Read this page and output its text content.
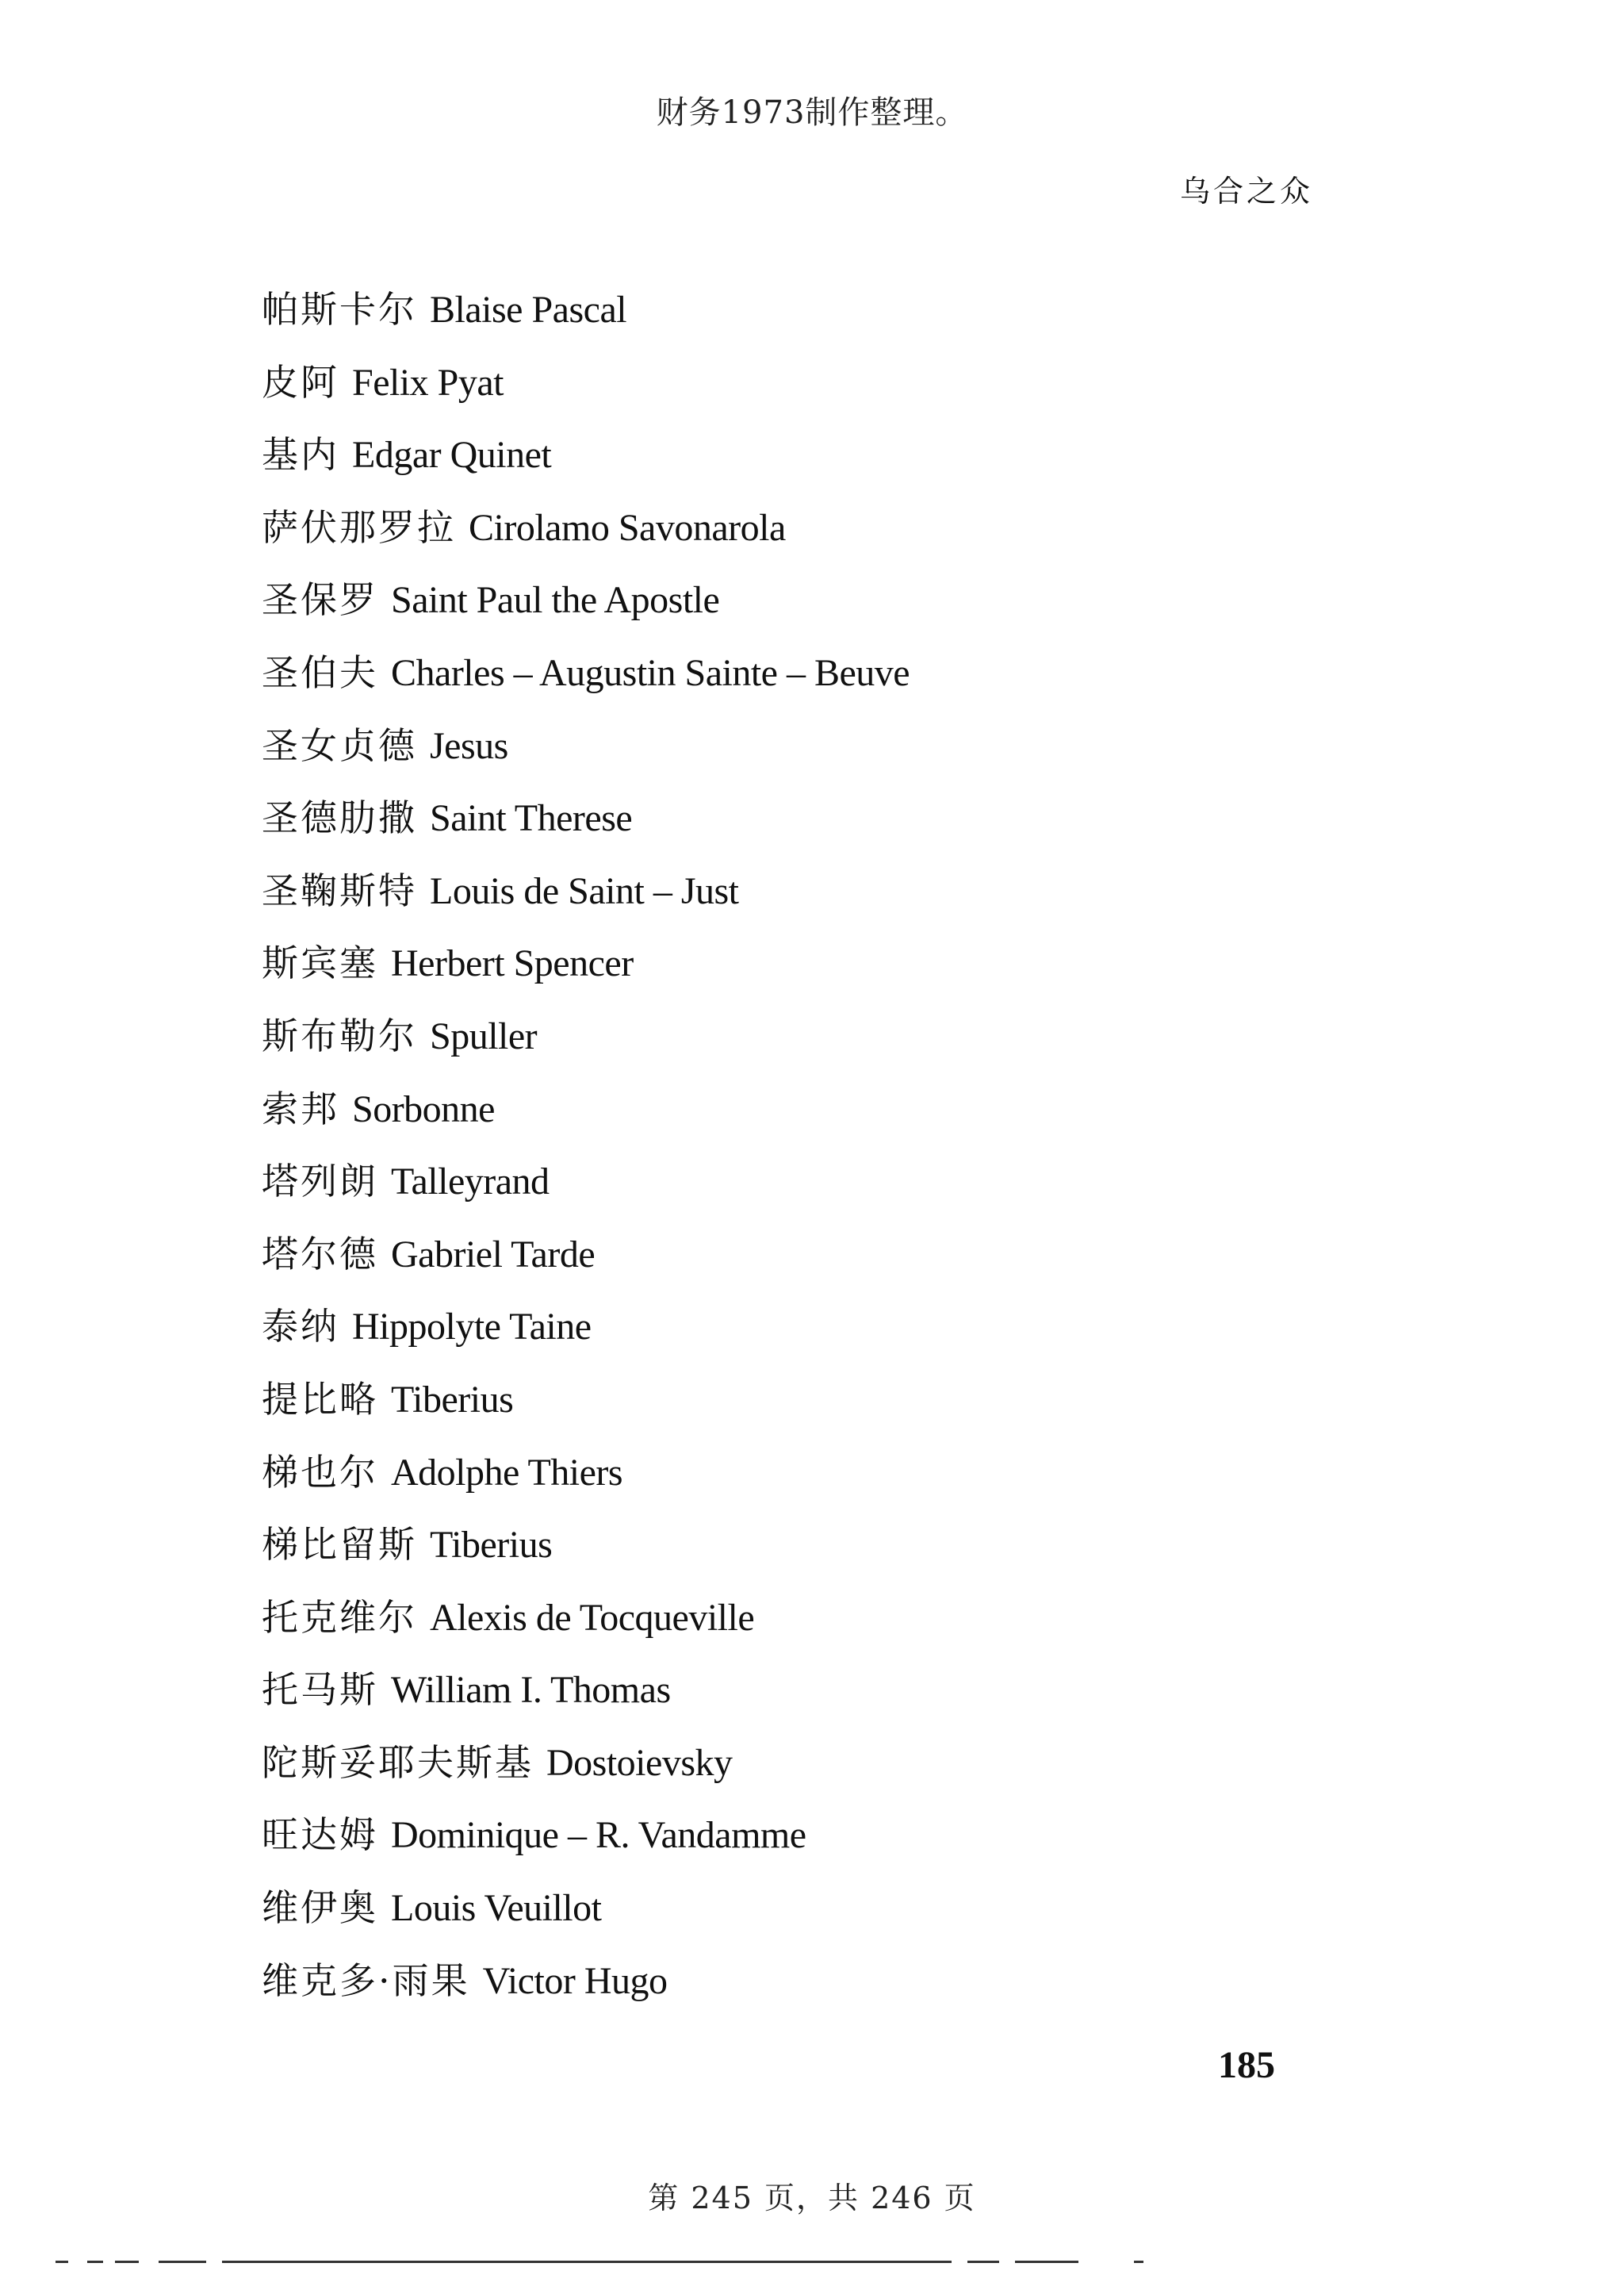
财务1973制作整理。
乌合之众
帕斯卡尔 Blaise Pascal
皮阿 Felix Pyat
基内 Edgar Quinet
萨伏那罗拉 Cirolamo Savonarola
圣保罗 Saint Paul the Apostle
圣伯夫 Charles – Augustin Sainte – Beuve
圣女贞德 Jesus
圣德肋撒 Saint Therese
圣鞠斯特 Louis de Saint – Just
斯宾塞 Herbert Spencer
斯布勒尔 Spuller
索邦 Sorbonne
塔列朗 Talleyrand
塔尔德 Gabriel Tarde
泰纳 Hippolyte Taine
提比略 Tiberius
梯也尔 Adolphe Thiers
梯比留斯 Tiberius
托克维尔 Alexis de Tocqueville
托马斯 William I. Thomas
陀斯妥耶夫斯基 Dostoievsky
旺达姆 Dominique – R. Vandamme
维伊奥 Louis Veuillot
维克多·雨果 Victor Hugo
185
第 245 页，共 246 页
